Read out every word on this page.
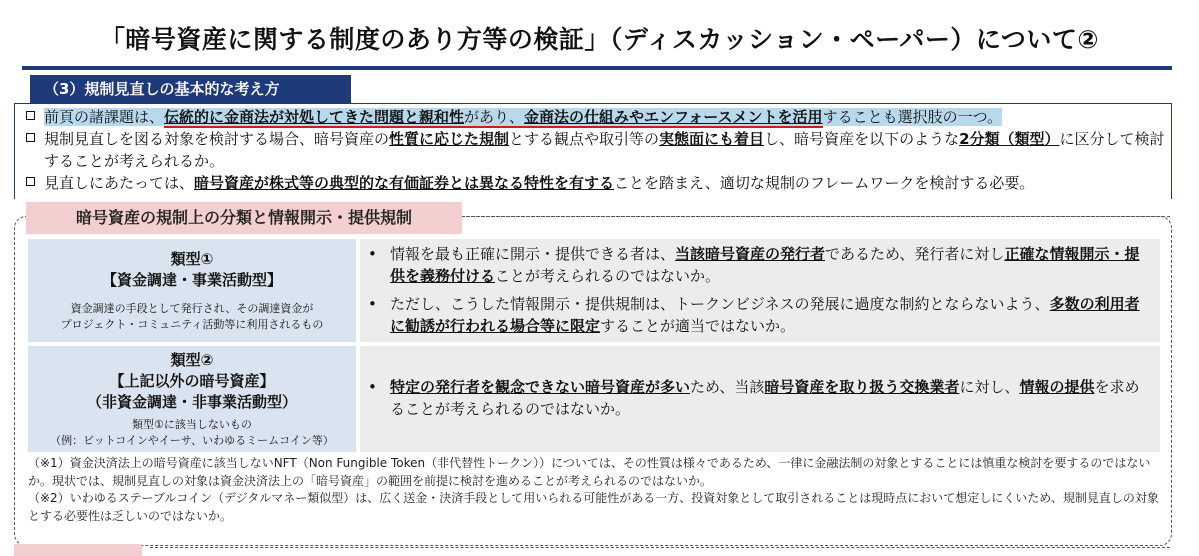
「暗号資産に関する制度のあり方等の検証」（ディスカッション・ペーパー）について②
（3）規制見直しの基本的な考え方
前頁の諸課題は、伝統的に金商法が対処してきた問題と親和性があり、金商法の仕組みやエンフォースメントを活用することも選択肢の一つ。
規制見直しを図る対象を検討する場合、暗号資産の性質に応じた規制とする観点や取引等の実態面にも着目し、暗号資産を以下のような2分類（類型）に区分して検討することが考えられるか。
見直しにあたっては、暗号資産が株式等の典型的な有価証券とは異なる特性を有することを踏まえ、適切な規制のフレームワークを検討する必要。
暗号資産の規制上の分類と情報開示・提供規制
類型①
【資金調達・事業活動型】
資金調達の手段として発行され、その調達資金が
プロジェクト・コミュニティ活動等に利用されるもの
• 情報を最も正確に開示・提供できる者は、当該暗号資産の発行者であるため、発行者に対し正確な情報開示・提供を義務付けることが考えられるのではないか。
• ただし、こうした情報開示・提供規制は、トークンビジネスの発展に過度な制約とならないよう、多数の利用者に勧誘が行われる場合等に限定することが適当ではないか。
類型②
【上記以外の暗号資産】
（非資金調達・非事業活動型）
類型①に該当しないもの
（例：ビットコインやイーサ、いわゆるミームコイン等）
• 特定の発行者を観念できない暗号資産が多いため、当該暗号資産を取り扱う交換業者に対し、情報の提供を求めることが考えられるのではないか。
（※1）資金決済法上の暗号資産に該当しないNFT（Non Fungible Token（非代替性トークン））については、その性質は様々であるため、一律に金融法制の対象とすることには慎重な検討を要するのではないか。現状では、規制見直しの対象は資金決済法上の「暗号資産」の範囲を前提に検討を進めることが考えられるのではないか。
（※2）いわゆるステーブルコイン（デジタルマネー類似型）は、広く送金・決済手段として用いられる可能性がある一方、投資対象として取引されることは現時点において想定しにくいため、規制見直しの対象とする必要性は乏しいのではないか。
